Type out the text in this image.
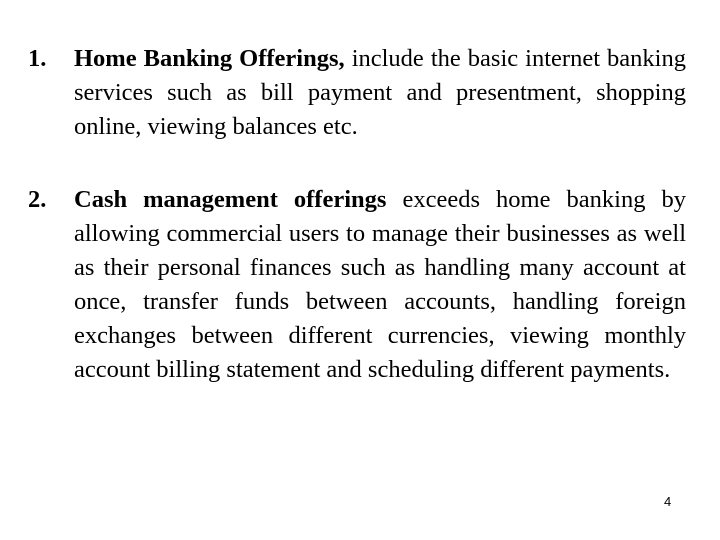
1. Home Banking Offerings, include the basic internet banking services such as bill payment and presentment, shopping online, viewing balances etc.
2. Cash management offerings exceeds home banking by allowing commercial users to manage their businesses as well as their personal finances such as handling many account at once, transfer funds between accounts, handling foreign exchanges between different currencies, viewing monthly account billing statement and scheduling different payments.
4
